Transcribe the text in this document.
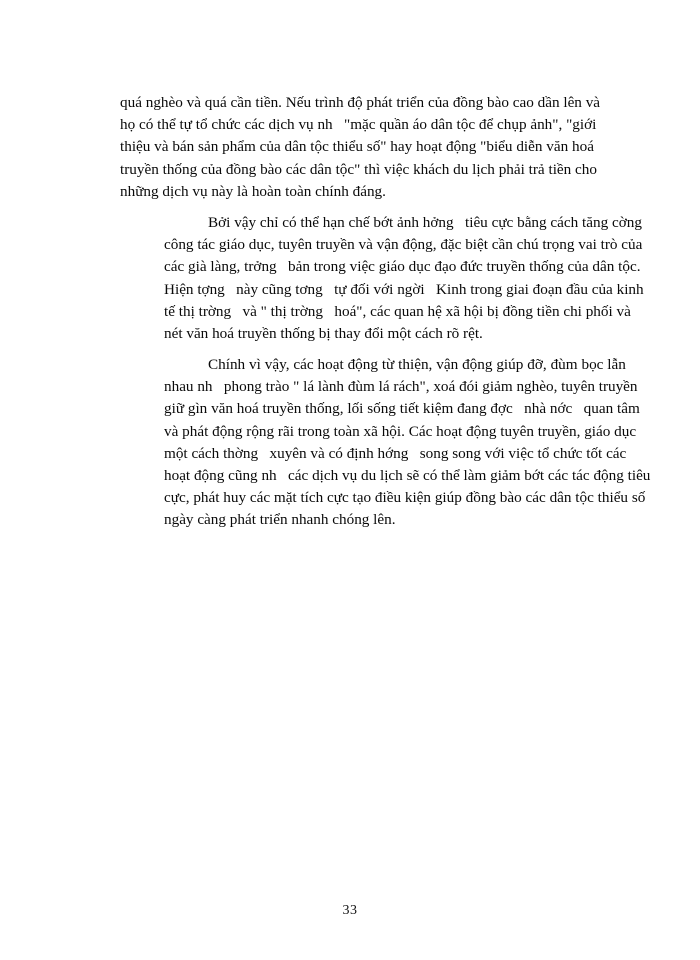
quá nghèo và quá cần tiền. Nếu trình độ phát triển của đồng bào cao dần lên và
họ có thể tự tổ chức các dịch vụ nh "mặc quần áo dân tộc để chụp ảnh", "giới
thiệu và bán sản phẩm của dân tộc thiểu số" hay hoạt động "biểu diễn văn hoá
truyền thống của đồng bào các dân tộc" thì việc khách du lịch phải trả tiền cho
những dịch vụ này là hoàn toàn chính đáng.
Bởi vậy chỉ có thể hạn chế bớt ảnh hởng tiêu cực bằng cách tăng cờng
công tác giáo dục, tuyên truyền và vận động, đặc biệt cần chú trọng vai trò của
các già làng, trởng bản trong việc giáo dục đạo đức truyền thống của dân tộc.
Hiện tợng này cũng tơng tự đối với ngời Kinh trong giai đoạn đầu của kinh
tế thị trờng và " thị trờng hoá", các quan hệ xã hội bị đồng tiền chi phối và
nét văn hoá truyền thống bị thay đổi một cách rõ rệt.
Chính vì vậy, các hoạt động từ thiện, vận động giúp đỡ, đùm bọc lẫn
nhau nh phong trào " lá lành đùm lá rách", xoá đói giảm nghèo, tuyên truyền
giữ gìn văn hoá truyền thống, lối sống tiết kiệm đang đợc nhà nớc quan tâm
và phát động rộng rãi trong toàn xã hội. Các hoạt động tuyên truyền, giáo dục
một cách thờng xuyên và có định hớng song song với việc tổ chức tốt các
hoạt động cũng nh các dịch vụ du lịch sẽ có thể làm giảm bớt các tác động tiêu
cực, phát huy các mặt tích cực tạo điều kiện giúp đồng bào các dân tộc thiểu số
ngày càng phát triển nhanh chóng lên.
33
